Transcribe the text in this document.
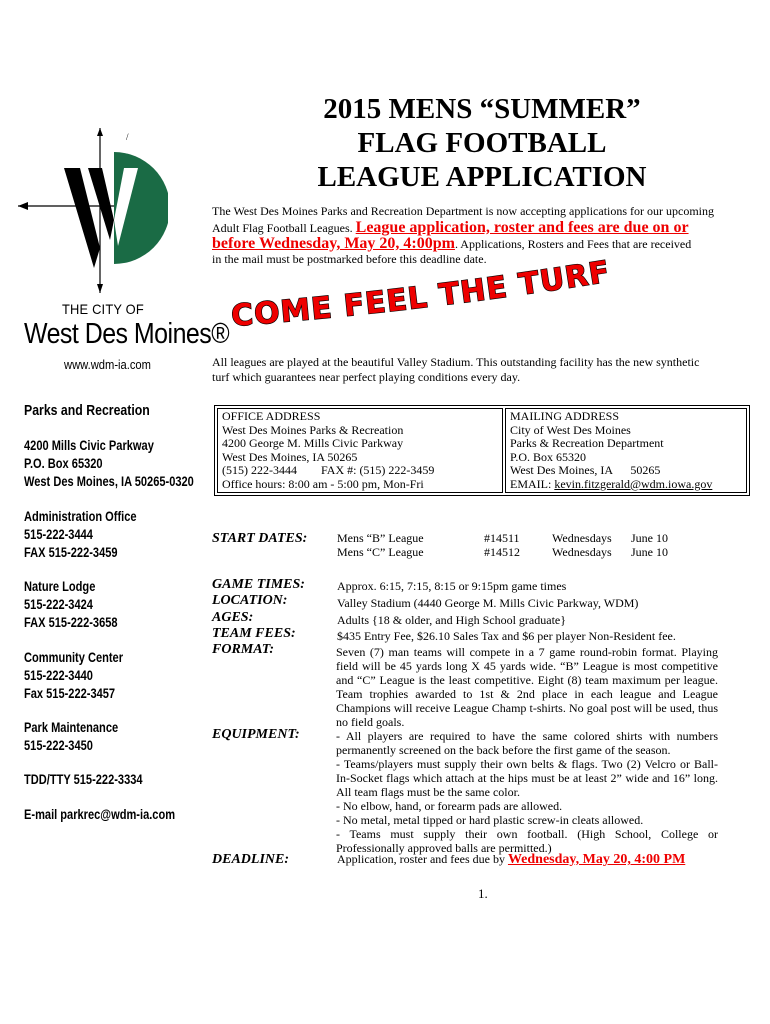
/
THE CITY OF
West Des Moines®
www.wdm-ia.com
Parks and Recreation
4200 Mills Civic Parkway
P.O. Box 65320
West Des Moines, IA 50265-0320
Administration Office
515-222-3444
FAX 515-222-3459
Nature Lodge
515-222-3424
FAX 515-222-3658
Community Center
515-222-3440
Fax 515-222-3457
Park Maintenance
515-222-3450
TDD/TTY 515-222-3334
E-mail parkrec@wdm-ia.com
2015 MENS “SUMMER”
FLAG FOOTBALL
LEAGUE APPLICATION
The West Des Moines Parks and Recreation Department is now accepting applications for our upcoming
Adult Flag Football Leagues. League application, roster and fees are due on or
before Wednesday, May 20, 4:00pm. Applications, Rosters and Fees that are received
in the mail must be postmarked before this deadline date.
COME FEEL THE TURF
All leagues are played at the beautiful Valley Stadium. This outstanding facility has the new synthetic
turf which guarantees near perfect playing conditions every day.
OFFICE ADDRESS
West Des Moines Parks & Recreation
4200 George M. Mills Civic Parkway
West Des Moines, IA 50265
(515) 222-3444        FAX #: (515) 222-3459
Office hours: 8:00 am - 5:00 pm, Mon-Fri

MAILING ADDRESS
City of West Des Moines
Parks & Recreation Department
P.O. Box 65320
West Des Moines, IA      50265
EMAIL: kevin.fitzgerald@wdm.iowa.gov
START DATES: Mens “B” League	#14511	Wednesdays June 10
Mens “C” League	#14512	Wednesdays June 10
GAME TIMES:	Approx. 6:15, 7:15, 8:15 or 9:15pm game times
LOCATION:	Valley Stadium (4440 George M. Mills Civic Parkway, WDM)
AGES:	Adults {18 & older, and High School graduate}
TEAM FEES:	$435 Entry Fee, $26.10 Sales Tax and $6 per player Non-Resident fee.
FORMAT:	Seven (7) man teams will compete in a 7 game round-robin format. Playing field will be 45 yards long X 45 yards wide. “B” League is most competitive and “C” League is the least competitive. Eight (8) team maximum per league. Team trophies awarded to 1st & 2nd place in each league and League Champions will receive League Champ t-shirts. No goal post will be used, thus no field goals.
EQUIPMENT:	- All players are required to have the same colored shirts with numbers permanently screened on the back before the first game of the season.
- Teams/players must supply their own belts & flags. Two (2) Velcro or Ball-In-Socket flags which attach at the hips must be at least 2” wide and 16” long. All team flags must be the same color.
- No elbow, hand, or forearm pads are allowed.
- No metal, metal tipped or hard plastic screw-in cleats allowed.
- Teams must supply their own football. (High School, College or Professionally approved balls are permitted.)
DEADLINE:	Application, roster and fees due by Wednesday, May 20, 4:00 PM
1.
